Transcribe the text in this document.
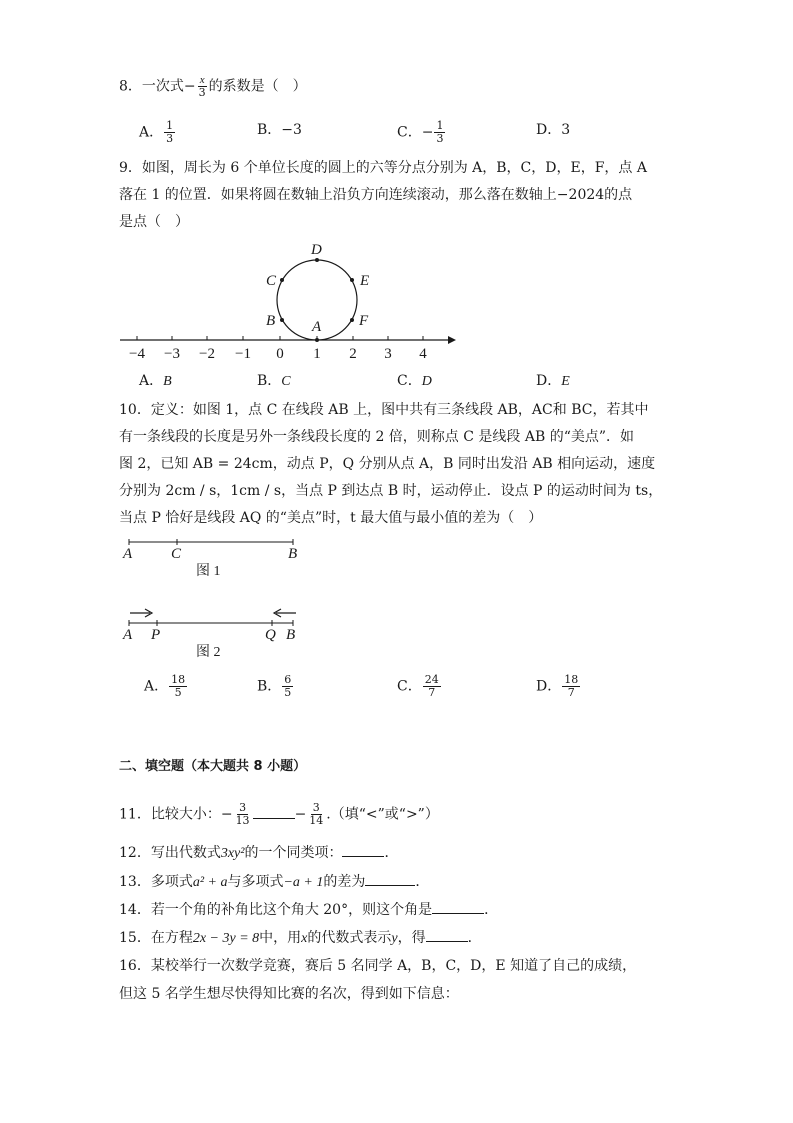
8．一次式− $\frac{x}{3}$ 的系数是（　）
A． $\frac{1}{3}$	B．−3	C．− $\frac{1}{3}$	D．3
9．如图，周长为 6 个单位长度的圆上的六等分点分别为 A，B，C，D，E，F，点 A
落在 1 的位置．如果将圆在数轴上沿负方向连续滚动，那么落在数轴上−2024的点
是点（　）
D
C	E
B A	F
−4 −3 −2 −1 0 1 2 3 4
A．B	B．C	C．D	D．E
10．定义：如图 1，点 C 在线段 AB 上，图中共有三条线段 AB，AC和 BC，若其中
有一条线段的长度是另外一条线段长度的 2 倍，则称点 C 是线段 AB 的“美点”．如
图 2，已知 AB = 24cm，动点 P，Q 分别从点 A，B 同时出发沿 AB 相向运动，速度
分别为 2cm / s，1cm / s，当点 P 到达点 B 时，运动停止．设点 P 的运动时间为 ts，
当点 P 恰好是线段 AQ 的“美点”时，t 最大值与最小值的差为（　）
A	C	B
图 1
A P	Q B
图 2
A． $\frac{18}{5}$	B． $\frac{6}{5}$	C． $\frac{24}{7}$	D． $\frac{18}{7}$
二、填空题（本大题共 8 小题）
11．比较大小：− $\frac{3}{13}$	− $\frac{3}{14}$ .（填“<”或“>”）
12．写出代数式3xy²的一个同类项：	．
13．多项式a² + a与多项式−a + 1的差为	．
14．若一个角的补角比这个角大 20°，则这个角是	．
15．在方程2x − 3y = 8中，用x的代数式表示y，得	．
16．某校举行一次数学竞赛，赛后 5 名同学 A，B，C，D，E 知道了自己的成绩，
但这 5 名学生想尽快得知比赛的名次，得到如下信息：
